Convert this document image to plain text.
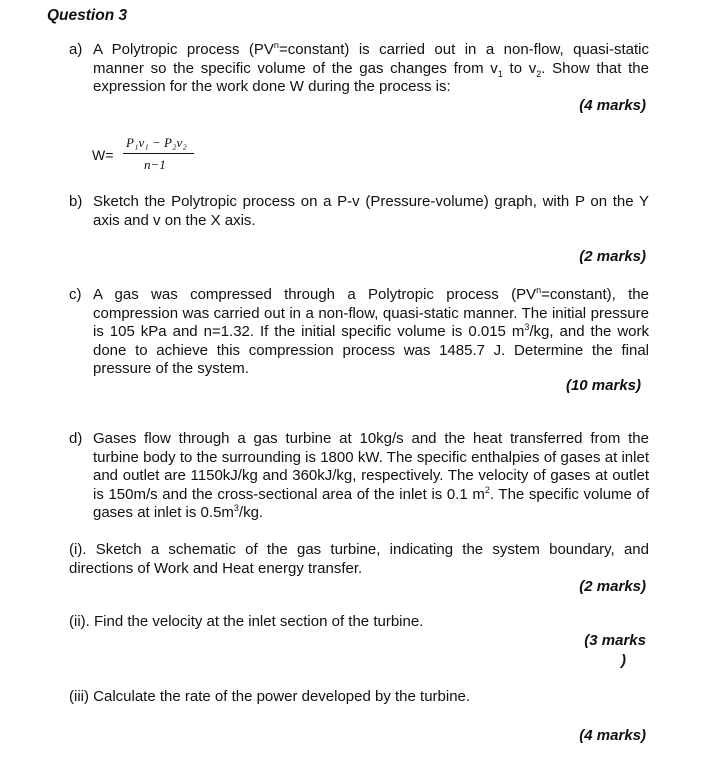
Question 3
a) A Polytropic process $(PV^n=constant)$ is carried out in a non-flow, quasi-static manner so the specific volume of the gas changes from $v_1$ to $v_2$. Show that the expression for the work done W during the process is:
(4 marks)
W=
P₁v₁ − P₂v₂
n−1
b) Sketch the Polytropic process on a P-v (Pressure-volume) graph, with P on the Y axis and v on the X axis.
(2 marks)
c) A gas was compressed through a Polytropic process $(PV^n=constant)$, the compression was carried out in a non-flow, quasi-static manner. The initial pressure is 105 kPa and n=1.32. If the initial specific volume is 0.015 $m^3/kg$, and the work done to achieve this compression process was 1485.7 J. Determine the final pressure of the system.
(10 marks)
d) Gases flow through a gas turbine at 10kg/s and the heat transferred from the turbine body to the surrounding is 1800 kW. The specific enthalpies of gases at inlet and outlet are 1150kJ/kg and 360kJ/kg, respectively. The velocity of gases at outlet is 150m/s and the cross-sectional area of the inlet is 0.1 $m^2$. The specific volume of gases at inlet is $0.5m^3/kg$.
(i). Sketch a schematic of the gas turbine, indicating the system boundary, and directions of Work and Heat energy transfer.
(2 marks)
(ii). Find the velocity at the inlet section of the turbine.
(3 marks
)
(iii) Calculate the rate of the power developed by the turbine.
(4 marks)
